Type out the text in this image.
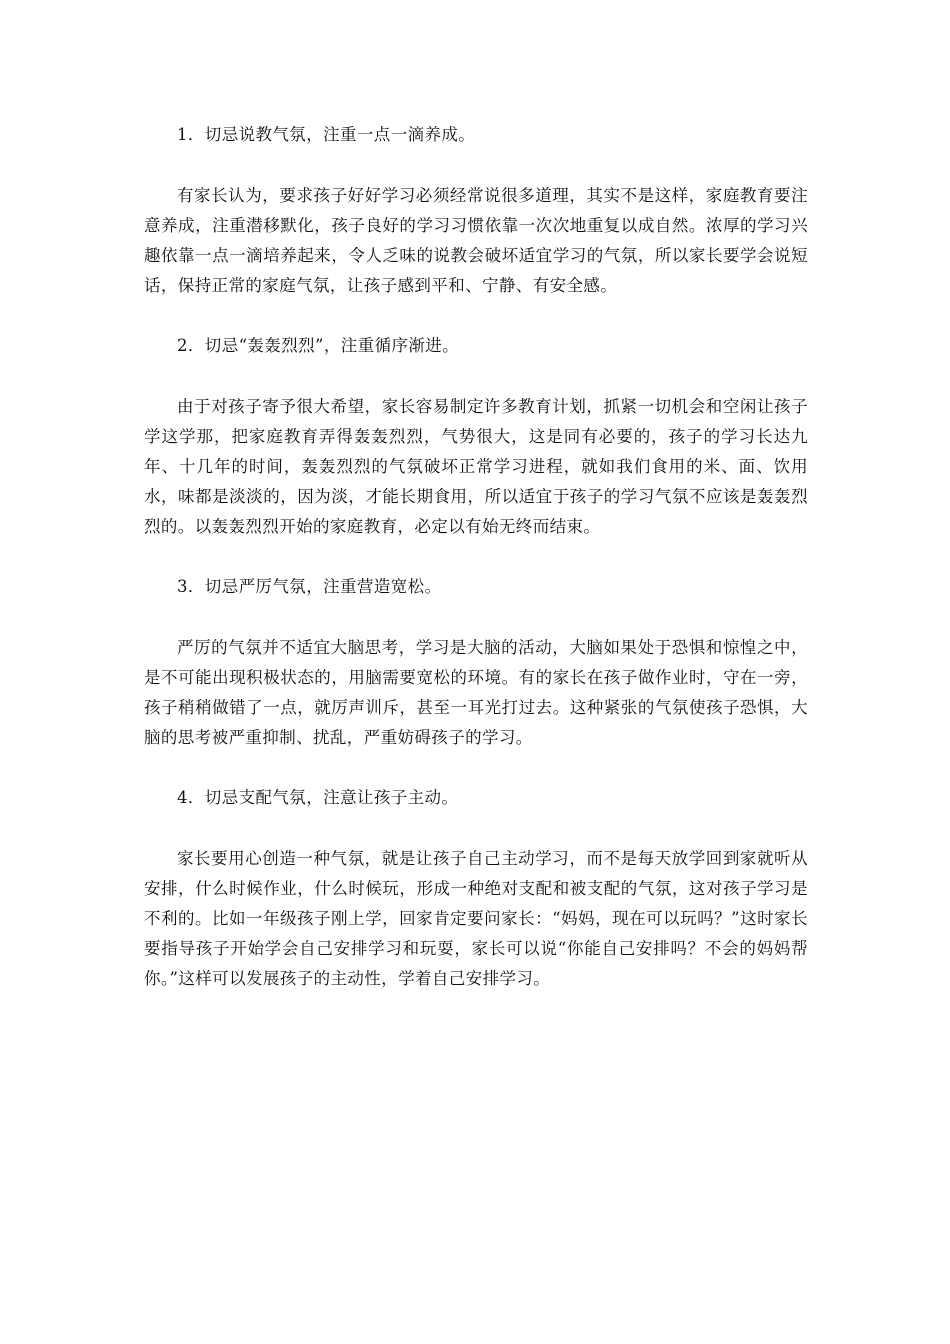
1．切忌说教气氛，注重一点一滴养成。

有家长认为，要求孩子好好学习必须经常说很多道理，其实不是这样，家庭教育要注意养成，注重潜移默化，孩子良好的学习习惯依靠一次次地重复以成自然。浓厚的学习兴趣依靠一点一滴培养起来，令人乏味的说教会破坏适宜学习的气氛，所以家长要学会说短话，保持正常的家庭气氛，让孩子感到平和、宁静、有安全感。

2．切忌“轰轰烈烈”，注重循序渐进。

由于对孩子寄予很大希望，家长容易制定许多教育计划，抓紧一切机会和空闲让孩子学这学那，把家庭教育弄得轰轰烈烈，气势很大，这是同有必要的，孩子的学习长达九年、十几年的时间，轰轰烈烈的气氛破坏正常学习进程，就如我们食用的米、面、饮用水，味都是淡淡的，因为淡，才能长期食用，所以适宜于孩子的学习气氛不应该是轰轰烈烈的。以轰轰烈烈开始的家庭教育，必定以有始无终而结束。

3．切忌严厉气氛，注重营造宽松。

严厉的气氛并不适宜大脑思考，学习是大脑的活动，大脑如果处于恐惧和惊惶之中，是不可能出现积极状态的，用脑需要宽松的环境。有的家长在孩子做作业时，守在一旁，孩子稍稍做错了一点，就厉声训斥，甚至一耳光打过去。这种紧张的气氛使孩子恐惧，大脑的思考被严重抑制、扰乱，严重妨碍孩子的学习。

4．切忌支配气氛，注意让孩子主动。

家长要用心创造一种气氛，就是让孩子自己主动学习，而不是每天放学回到家就听从安排，什么时候作业，什么时候玩，形成一种绝对支配和被支配的气氛，这对孩子学习是不利的。比如一年级孩子刚上学，回家肯定要问家长：“妈妈，现在可以玩吗？”这时家长要指导孩子开始学会自己安排学习和玩耍，家长可以说“你能自己安排吗？不会的妈妈帮你。”这样可以发展孩子的主动性，学着自己安排学习。
